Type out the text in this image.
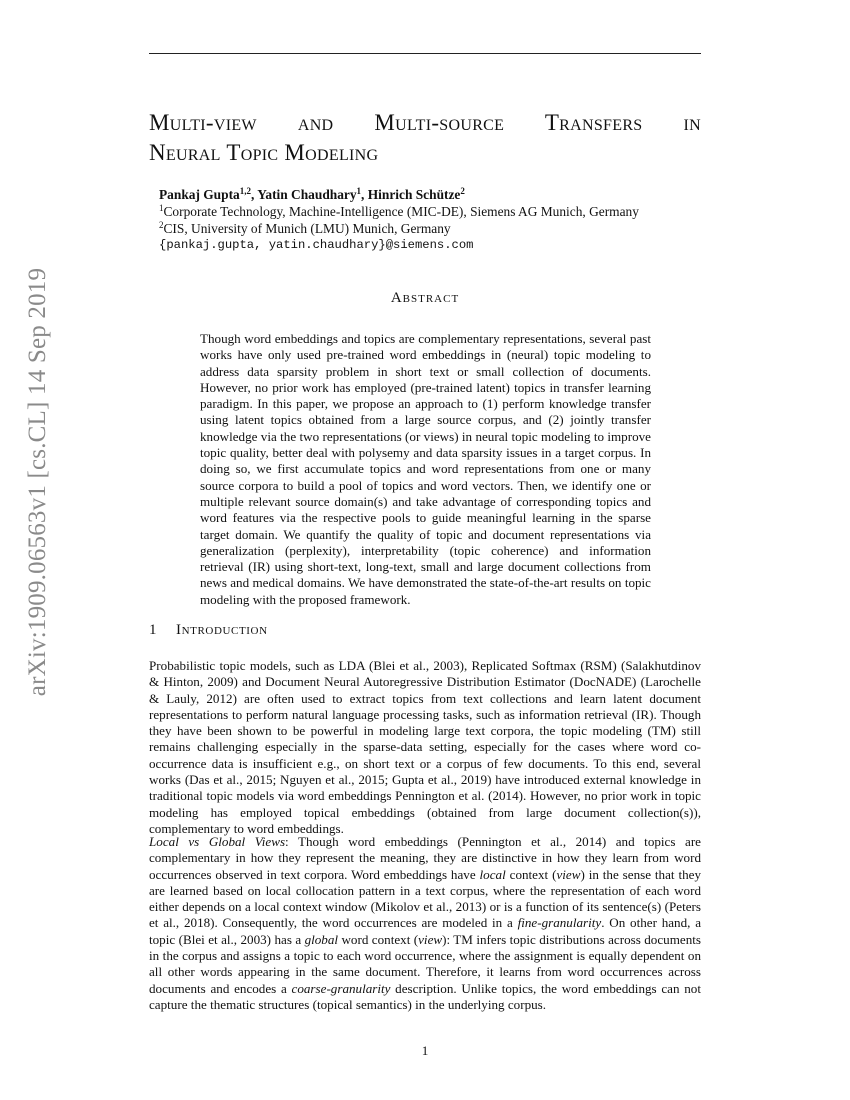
arXiv:1909.06563v1 [cs.CL] 14 Sep 2019
Multi-view and Multi-source Transfers in
Neural Topic Modeling
Pankaj Gupta$^{1,2}$, Yatin Chaudhary$^1$, Hinrich Schütze$^2$
$^1$Corporate Technology, Machine-Intelligence (MIC-DE), Siemens AG Munich, Germany
$^2$CIS, University of Munich (LMU) Munich, Germany
{pankaj.gupta, yatin.chaudhary}@siemens.com
Abstract
Though word embeddings and topics are complementary representations, several past works have only used pre-trained word embeddings in (neural) topic modeling to address data sparsity problem in short text or small collection of documents. However, no prior work has employed (pre-trained latent) topics in transfer learning paradigm. In this paper, we propose an approach to (1) perform knowledge transfer using latent topics obtained from a large source corpus, and (2) jointly transfer knowledge via the two representations (or views) in neural topic modeling to improve topic quality, better deal with polysemy and data sparsity issues in a target corpus. In doing so, we first accumulate topics and word representations from one or many source corpora to build a pool of topics and word vectors. Then, we identify one or multiple relevant source domain(s) and take advantage of corresponding topics and word features via the respective pools to guide meaningful learning in the sparse target domain. We quantify the quality of topic and document representations via generalization (perplexity), interpretability (topic coherence) and information retrieval (IR) using short-text, long-text, small and large document collections from news and medical domains. We have demonstrated the state-of-the-art results on topic modeling with the proposed framework.
1 Introduction
Probabilistic topic models, such as LDA (Blei et al., 2003), Replicated Softmax (RSM) (Salakhutdinov & Hinton, 2009) and Document Neural Autoregressive Distribution Estimator (DocNADE) (Larochelle & Lauly, 2012) are often used to extract topics from text collections and learn latent document representations to perform natural language processing tasks, such as information retrieval (IR). Though they have been shown to be powerful in modeling large text corpora, the topic modeling (TM) still remains challenging especially in the sparse-data setting, especially for the cases where word co-occurrence data is insufficient e.g., on short text or a corpus of few documents. To this end, several works (Das et al., 2015; Nguyen et al., 2015; Gupta et al., 2019) have introduced external knowledge in traditional topic models via word embeddings Pennington et al. (2014). However, no prior work in topic modeling has employed topical embeddings (obtained from large document collection(s)), complementary to word embeddings.
Local vs Global Views: Though word embeddings (Pennington et al., 2014) and topics are complementary in how they represent the meaning, they are distinctive in how they learn from word occurrences observed in text corpora. Word embeddings have local context (view) in the sense that they are learned based on local collocation pattern in a text corpus, where the representation of each word either depends on a local context window (Mikolov et al., 2013) or is a function of its sentence(s) (Peters et al., 2018). Consequently, the word occurrences are modeled in a fine-granularity. On other hand, a topic (Blei et al., 2003) has a global word context (view): TM infers topic distributions across documents in the corpus and assigns a topic to each word occurrence, where the assignment is equally dependent on all other words appearing in the same document. Therefore, it learns from word occurrences across documents and encodes a coarse-granularity description. Unlike topics, the word embeddings can not capture the thematic structures (topical semantics) in the underlying corpus.
1
